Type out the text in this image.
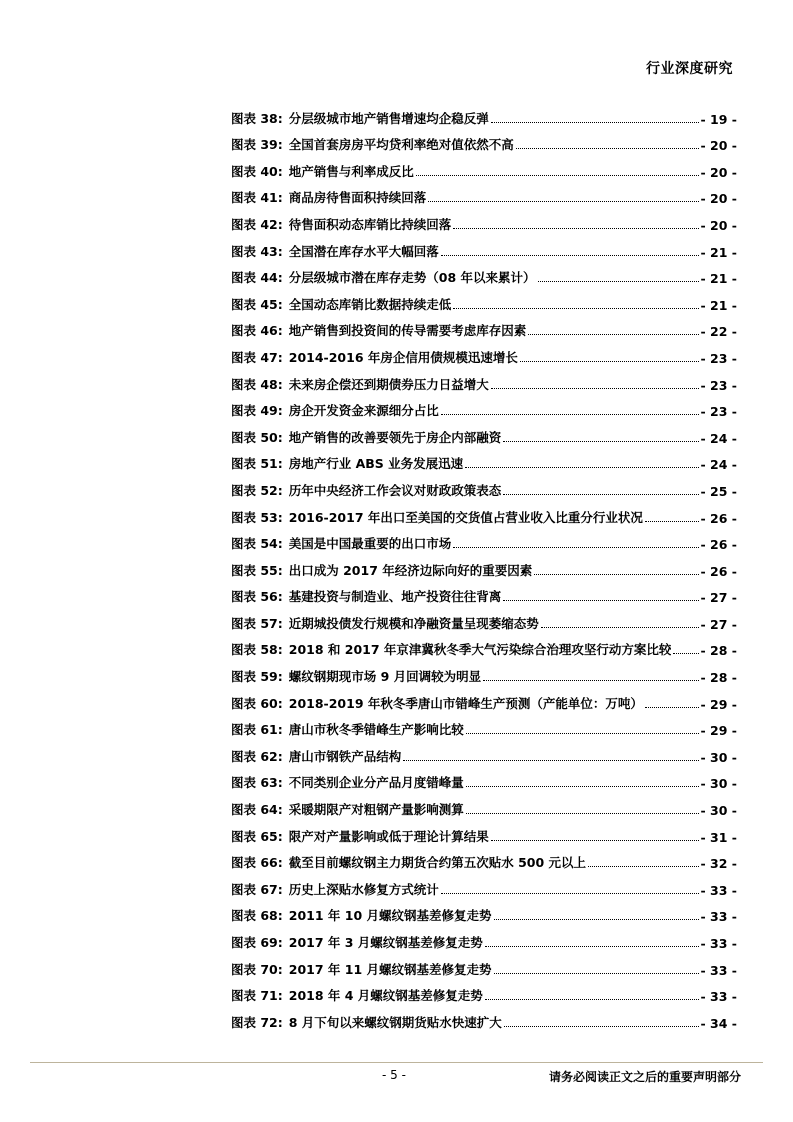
行业深度研究
图表 38: 分层级城市地产销售增速均企稳反弹	- 19 -
图表 39: 全国首套房房平均贷利率绝对值依然不高	- 20 -
图表 40: 地产销售与利率成反比	- 20 -
图表 41: 商品房待售面积持续回落	- 20 -
图表 42: 待售面积动态库销比持续回落	- 20 -
图表 43: 全国潜在库存水平大幅回落	- 21 -
图表 44: 分层级城市潜在库存走势（08 年以来累计）	- 21 -
图表 45: 全国动态库销比数据持续走低	- 21 -
图表 46: 地产销售到投资间的传导需要考虑库存因素	- 22 -
图表 47: 2014-2016 年房企信用债规模迅速增长	- 23 -
图表 48: 未来房企偿还到期债券压力日益增大	- 23 -
图表 49: 房企开发资金来源细分占比	- 23 -
图表 50: 地产销售的改善要领先于房企内部融资	- 24 -
图表 51: 房地产行业 ABS 业务发展迅速	- 24 -
图表 52: 历年中央经济工作会议对财政政策表态	- 25 -
图表 53: 2016-2017 年出口至美国的交货值占营业收入比重分行业状况	- 26 -
图表 54: 美国是中国最重要的出口市场	- 26 -
图表 55: 出口成为 2017 年经济边际向好的重要因素	- 26 -
图表 56: 基建投资与制造业、地产投资往往背离	- 27 -
图表 57: 近期城投债发行规模和净融资量呈现萎缩态势	- 27 -
图表 58: 2018 和 2017 年京津冀秋冬季大气污染综合治理攻坚行动方案比较 - 28 -
图表 59: 螺纹钢期现市场 9 月回调较为明显	- 28 -
图表 60: 2018-2019 年秋冬季唐山市错峰生产预测（产能单位：万吨）	- 29 -
图表 61: 唐山市秋冬季错峰生产影响比较	- 29 -
图表 62: 唐山市钢铁产品结构	- 30 -
图表 63: 不同类别企业分产品月度错峰量	- 30 -
图表 64: 采暖期限产对粗钢产量影响测算	- 30 -
图表 65: 限产对产量影响或低于理论计算结果	- 31 -
图表 66: 截至目前螺纹钢主力期货合约第五次贴水 500 元以上	- 32 -
图表 67: 历史上深贴水修复方式统计	- 33 -
图表 68: 2011 年 10 月螺纹钢基差修复走势	- 33 -
图表 69: 2017 年 3 月螺纹钢基差修复走势	- 33 -
图表 70: 2017 年 11 月螺纹钢基差修复走势	- 33 -
图表 71: 2018 年 4 月螺纹钢基差修复走势	- 33 -
图表 72: 8 月下旬以来螺纹钢期货贴水快速扩大	- 34 -
- 5 -	请务必阅读正文之后的重要声明部分
